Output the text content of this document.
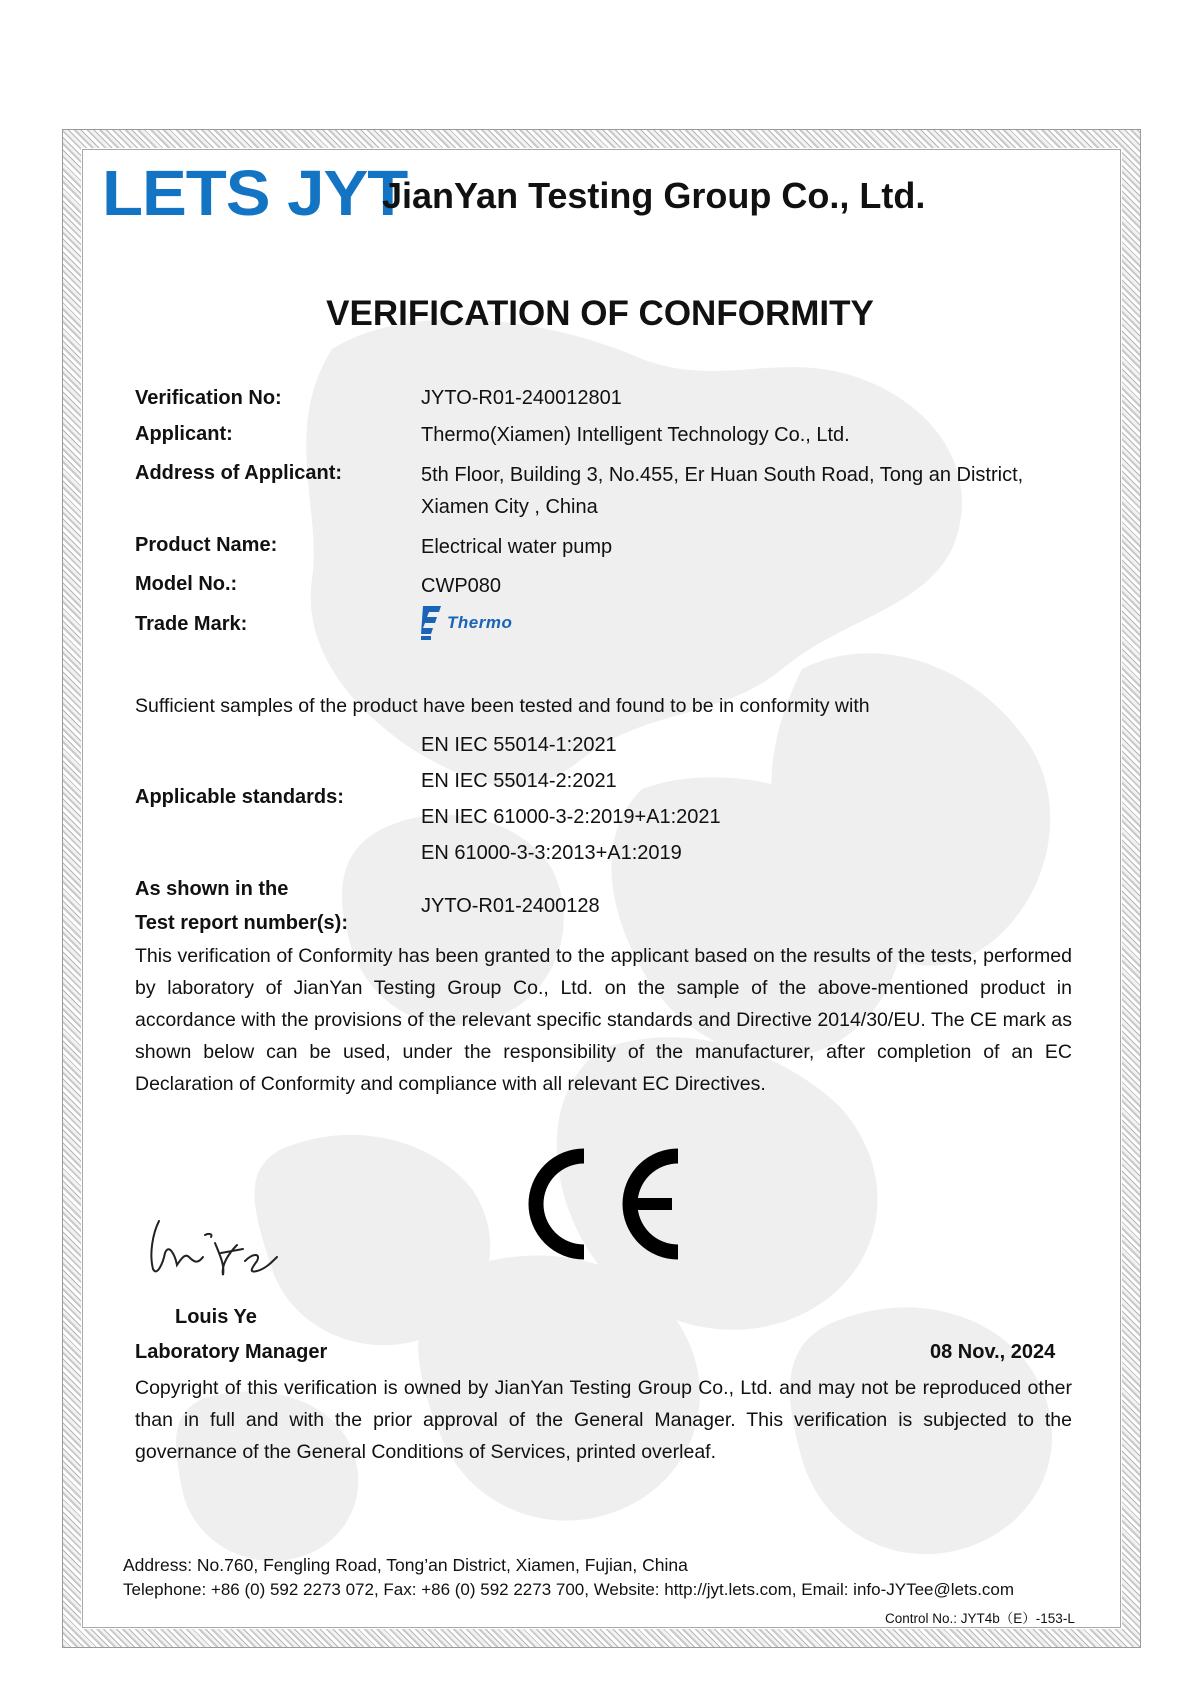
LETS JYT
JianYan Testing Group Co., Ltd.
VERIFICATION OF CONFORMITY
Verification No:	JYTO-R01-240012801
Applicant:	Thermo(Xiamen) Intelligent Technology Co., Ltd.
Address of Applicant:	5th Floor, Building 3, No.455, Er Huan South Road, Tong an District,
Xiamen City , China
Product Name:	Electrical water pump
Model No.:	CWP080
Trade Mark:	Thermo
Sufficient samples of the product have been tested and found to be in conformity with
Applicable standards:
EN IEC 55014-1:2021
EN IEC 55014-2:2021
EN IEC 61000-3-2:2019+A1:2021
EN 61000-3-3:2013+A1:2019
As shown in the
Test report number(s):
JYTO-R01-2400128
This verification of Conformity has been granted to the applicant based on the results of the tests, performed by laboratory of JianYan Testing Group Co., Ltd. on the sample of the above-mentioned product in accordance with the provisions of the relevant specific standards and Directive 2014/30/EU. The CE mark as shown below can be used, under the responsibility of the manufacturer, after completion of an EC Declaration of Conformity and compliance with all relevant EC Directives.
Louis Ye
Laboratory Manager	08 Nov., 2024
Copyright of this verification is owned by JianYan Testing Group Co., Ltd. and may not be reproduced other than in full and with the prior approval of the General Manager. This verification is subjected to the governance of the General Conditions of Services, printed overleaf.
Address: No.760, Fengling Road, Tong’an District, Xiamen, Fujian, China
Telephone: +86 (0) 592 2273 072, Fax: +86 (0) 592 2273 700, Website: http://jyt.lets.com, Email: info-JYTee@lets.com
Control No.: JYT4b（E）-153-L
